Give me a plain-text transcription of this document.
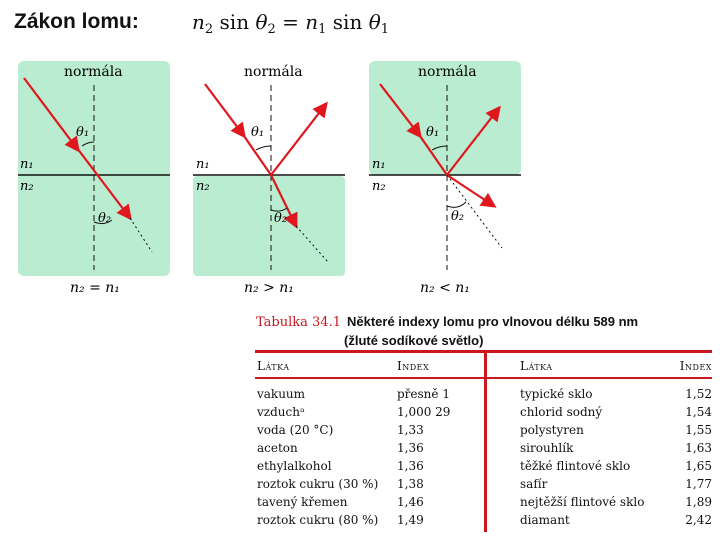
Zákon lomu:	$n_2$ $\sin \theta_2 = n_1$ $\sin \theta_1$
normála
θ₁
θ₂
n₁
n₂
n₂ = n₁
normála
θ₁
θ₂
n₁
n₂
n₂ > n₁
normála
θ₁
θ₂
n₁
n₂
n₂ < n₁
Tabulka 34.1 Některé indexy lomu pro vlnovou délku 589 nm
(žluté sodíkové světlo)
Látka	Index	Látka	Index
vakuum	přesně 1	typické sklo	1,52
vzduchᵃ	1,000 29	chlorid sodný	1,54
voda (20 °C)	1,33	polystyren	1,55
aceton	1,36	sirouhlík	1,63
ethylalkohol	1,36	těžké flintové sklo	1,65
roztok cukru (30 %) 1,38	safír	1,77
tavený křemen	1,46	nejtěžší flintové sklo	1,89
roztok cukru (80 %) 1,49	diamant	2,42
